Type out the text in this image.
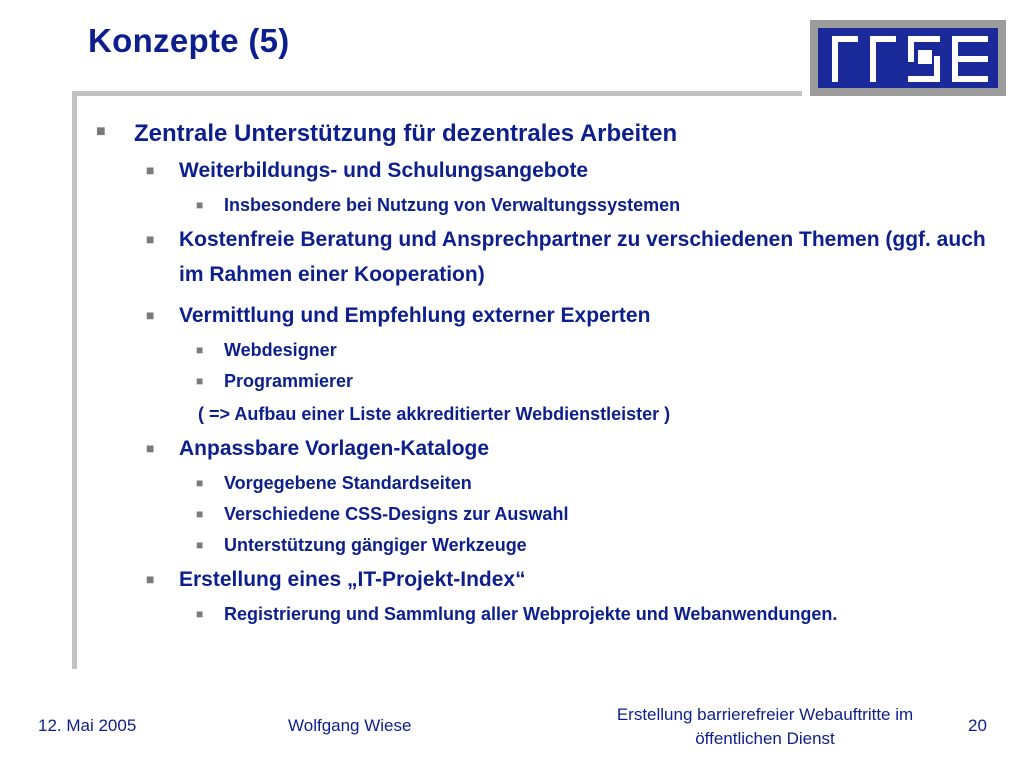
Konzepte (5)
■ Zentrale Unterstützung für dezentrales Arbeiten
■ Weiterbildungs- und Schulungsangebote
■ Insbesondere bei Nutzung von Verwaltungssystemen
■ Kostenfreie Beratung und Ansprechpartner zu verschiedenen Themen (ggf. auch im Rahmen einer Kooperation)
■ Vermittlung und Empfehlung externer Experten
■ Webdesigner
■ Programmierer
( => Aufbau einer Liste akkreditierter Webdienstleister )
■ Anpassbare Vorlagen-Kataloge
■ Vorgegebene Standardseiten
■ Verschiedene CSS-Designs zur Auswahl
■ Unterstützung gängiger Werkzeuge
■ Erstellung eines „IT-Projekt-Index“
■ Registrierung und Sammlung aller Webprojekte und Webanwendungen.
12. Mai 2005	Wolfgang Wiese
Erstellung barrierefreier Webauftritte im
öffentlichen Dienst
20
